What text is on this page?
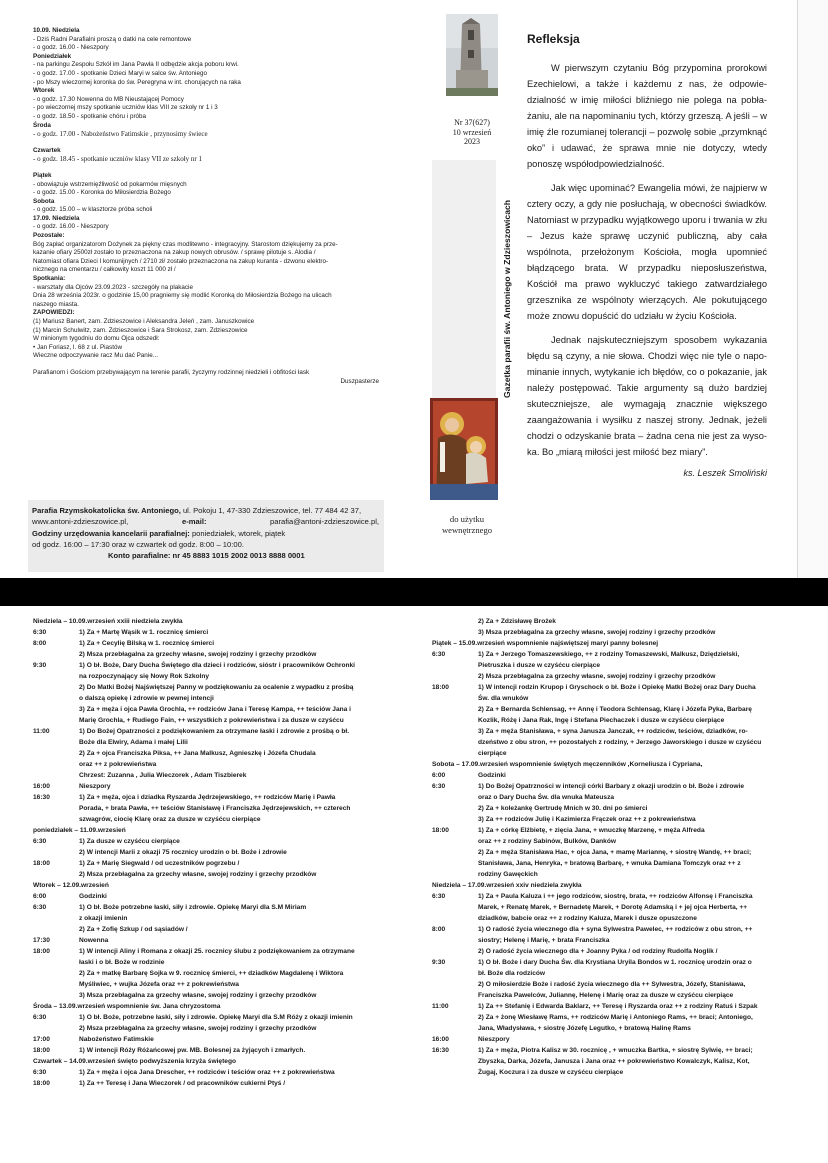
10.09. Niedziela
- Dziś Radni Parafialni proszą o datki na cele remontowe
- o godz. 16.00 - Nieszpory
Poniedziałek
- na parkingu Zespołu Szkół im Jana Pawła II odbędzie akcja poboru krwi.
- o godz. 17.00 - spotkanie Dzieci Maryi w salce św. Antoniego
- po Mszy wieczornej koronka do św. Peregryna w int. chorujących na raka
Wtorek
- o godz. 17.30 Nowenna do MB Nieustającej Pomocy
- po wieczornej mszy spotkanie uczniów klas VIII ze szkoły nr 1 i 3
- o godz. 18.50 - spotkanie chóru i próba
Środa
- o godz. 17.00 - Nabożeństwo Fatimskie , przynosimy świece
Czwartek
- o godz. 18.45 - spotkanie uczniów klasy VII ze szkoły nr 1
Piątek
- obowiązuje wstrzemięźliwość od pokarmów mięsnych
- o godz. 15.00 - Koronka do Miłosierdzia Bożego
Sobota
- o godz. 15.00 – w klasztorze próba scholi
17.09. Niedziela
- o godz. 16.00 - Nieszpory
Pozostałe:
Bóg zapłać organizatorom Dożynek za piękny czas modlitewno - integracyjny. Starostom dziękujemy za prze-
kazanie ofiary 2500zł zostało to przeznaczona na zakup nowych obrusów. / sprawę pilotuje s. Alodia /
Natomiast ofiara Dzieci I komunijnych / 2710 zł/ zostało przeznaczona na zakup kuranta - dzwonu elektro-
nicznego na cmentarzu / całkowity koszt 11 000 zł /
Spotkania:
- warsztaty dla Ojców 23.09.2023 - szczegóły na plakacie
Dnia 28 września 2023r. o godzinie 15,00 pragniemy się modlić Koronką do Miłosierdzia Bożego na ulicach
naszego miasta.
ZAPOWIEDZI:
(1) Mariusz Banert, zam. Zdzieszowice i Aleksandra Jeleń , zam. Januszkowice
(1) Marcin Schulwitz, zam. Zdzieszowice i Sara Strokosz, zam. Zdzieszowice
W minionym tygodniu do domu Ojca odszedł:
• Jan Foriasz, l. 68 z ul. Piastów
Wieczne odpoczywanie racz Mu dać Panie...
Parafianom i Gościom przebywającym na terenie parafii, życzymy rodzinnej niedzieli i obfitości łask
Duszpasterze
Parafia Rzymskokatolicka św. Antoniego, ul. Pokoju 1, 47-330 Zdzieszowice, tel. 77 484 42 37,
www.antoni-zdzieszowice.pl,	e-mail:	parafia@antoni-zdzieszowice.pl,
Godziny urzędowania kancelarii parafialnej: poniedziałek, wtorek, piątek
od godz. 16:00 – 17:30 oraz w czwartek od godz. 8:00 – 10:00.
Konto parafialne: nr 45 8883 1015 2002 0013 8888 0001
Nr 37(627)
10 wrzesień
2023
Gazetka parafii św. Antoniego w Zdzieszowicach
do użytku
wewnętrznego
Refleksja
W pierwszym czytaniu Bóg przypomina prorokowi Ezechielowi, a także i każdemu z nas, że odpowiedzialność w imię miłości bliźniego nie polega na pobłażaniu, ale na napominaniu tych, którzy grzeszą. A jeśli – w imię źle rozumianej tolerancji – pozwolę sobie „przymknąć oko” i udawać, że sprawa mnie nie dotyczy, wtedy ponoszę współodpowiedzialność.
Jak więc upominać? Ewangelia mówi, że najpierw w cztery oczy, a gdy nie posłuchają, w obecności świadków. Natomiast w przypadku wyjątkowego uporu i trwania w złu – Jezus każe sprawę uczynić publiczną, aby cała wspólnota, przełożonym Kościoła, mogła upomnieć błądzącego brata. W przypadku nieposłuszeństwa, Kościół ma prawo wykluczyć takiego zatwardziałego grzesznika ze wspólnoty wierzących. Ale pokutującego może znowu dopuścić do udziału w życiu Kościoła.
Jednak najskuteczniejszym sposobem wykazania błędu są czyny, a nie słowa. Chodzi więc nie tyle o napominanie innych, wytykanie ich błędów, co o pokazanie, jak należy postępować. Takie argumenty są dużo bardziej skuteczniejsze, ale wymagają znacznie większego zaangażowania i wysiłku z naszej strony. Jednak, jeżeli chodzi o odzyskanie brata – żadna cena nie jest za wysoka. Bo „miarą miłości jest miłość bez miary”.
ks. Leszek Smoliński
Niedziela – 10.09.wrzesień xxiii niedziela zwykła
6:30	1) Za + Martę Wąsik w 1. rocznicę śmierci
8:00	1) Za + Cecylię Bilską w 1. rocznicę śmierci
2) Msza przebłagalna za grzechy własne, swojej rodziny i grzechy przodków
9:30	1) O bł. Boże, Dary Ducha Świętego dla dzieci i rodziców, sióstr i pracowników Ochronki
na rozpoczynający się Nowy Rok Szkolny
2) Do Matki Bożej Najświętszej Panny w podziękowaniu za ocalenie z wypadku z prośbą
o dalszą opiekę i zdrowie w pewnej intencji
3) Za + męża i ojca Pawła Grochla, ++ rodziców Jana i Teresę Kampa, ++ teściów Jana i
Marię Grochla, + Rudiego Fain, ++ wszystkich z pokrewieństwa i za dusze w czyśćcu
11:00	1) Do Bożej Opatrzności z podziękowaniem za otrzymane łaski i zdrowie z prośbą o bł.
Boże dla Elwiry, Adama i małej Lilii
2) Za + ojca Franciszka Piksa, ++ Jana Malkusz, Agnieszkę i Józefa Chudala
oraz ++ z pokrewieństwa
Chrzest: Zuzanna , Julia Wieczorek , Adam Tiszbierek
16:00	Nieszpory
16:30	1) Za + męża, ojca i dziadka Ryszarda Jędrzejewskiego, ++ rodziców Marię i Pawła
Porada, + brata Pawła, ++ teściów Stanisławę i Franciszka Jędrzejewskich, ++ czterech
szwagrów, ciocię Klarę oraz za dusze w czyśćcu cierpiące
poniedziałek – 11.09.wrzesień
6:30	1) Za dusze w czyśćcu cierpiące
2) W intencji Marii z okazji 75 rocznicy urodzin o bł. Boże i zdrowie
18:00	1) Za + Marię Siegwald / od uczestników pogrzebu /
2) Msza przebłagalna za grzechy własne, swojej rodziny i grzechy przodków
Wtorek – 12.09.wrzesień
6:00	Godzinki
6:30	1) O bł. Boże potrzebne łaski, siły i zdrowie. Opiekę Maryi dla S.M Miriam
z okazji imienin
2) Za + Zofię Szkup / od sąsiadów /
17:30	Nowenna
18:00	1) W intencji Aliny i Romana z okazji 25. rocznicy ślubu z podziękowaniem za otrzymane
łaski i o bł. Boże w rodzinie
2) Za + matkę Barbarę Sojka w 9. rocznicę śmierci, ++ dziadków Magdalenę i Wiktora
Myśliwiec, + wujka Józefa oraz ++ z pokrewieństwa
3) Msza przebłagalna za grzechy własne, swojej rodziny i grzechy przodków
Środa – 13.09.wrzesień wspomnienie św. Jana chryzostoma
6:30	1) O bł. Boże, potrzebne łaski, siły i zdrowie. Opiekę Maryi dla S.M Róży z okazji imienin
2) Msza przebłagalna za grzechy własne, swojej rodziny i grzechy przodków
17:00	Nabożeństwo Fatimskie
18:00	1) W intencji Róży Różańcowej pw. MB. Bolesnej za żyjących i zmarłych.
Czwartek – 14.09.wrzesień święto podwyższenia krzyża świętego
6:30	1) Za + męża i ojca Jana Drescher, ++ rodziców i teściów oraz ++ z pokrewieństwa
18:00	1) Za ++ Teresę i Jana Wieczorek / od pracowników cukierni Ptyś /
2) Za + Zdzisławę Brożek
3) Msza przebłagalna za grzechy własne, swojej rodziny i grzechy przodków
Piątek – 15.09.wrzesień wspomnienie najświętszej maryi panny bolesnej
6:30	1) Za + Jerzego Tomaszewskiego, ++ z rodziny Tomaszewski, Malkusz, Dziędzielski,
Pietruszka i dusze w czyśćcu cierpiące
2) Msza przebłagalna za grzechy własne, swojej rodziny i grzechy przodków
18:00	1) W intencji rodzin Krupop i Gryschock o bł. Boże i Opiekę Matki Bożej oraz Dary Ducha
Św. dla wnuków
2) Za + Bernarda Schlensag, ++ Annę i Teodora Schlensag, Klarę i Józefa Pyka, Barbarę
Kozlik, Różę i Jana Rak, Ingę i Stefana Piechaczek i dusze w czyśćcu cierpiące
3) Za + męża Stanisława, + syna Janusza Janczak, ++ rodziców, teściów, dziadków, ro-
dzeństwo z obu stron, ++ pozostałych z rodziny, + Jerzego Jaworskiego i dusze w czyśćcu
cierpiące
Sobota – 17.09.wrzesień wspomnienie świętych męczenników ,Korneliusza i Cypriana,
6:00	Godzinki
6:30	1) Do Bożej Opatrzności w intencji córki Barbary z okazji urodzin o bł. Boże i zdrowie
oraz o Dary Ducha Św. dla wnuka Mateusza
2) Za + koleżankę Gertrudę Mnich w 30. dni po śmierci
3) Za ++ rodziców Julię i Kazimierza Frączek oraz ++ z pokrewieństwa
18:00	1) Za + córkę Elżbietę, + zięcia Jana, + wnuczkę Marzenę, + męża Alfreda
oraz ++ z rodziny Sabinów, Bulków, Danków
2) Za + męża Stanisława Hac, + ojca Jana, + mamę Mariannę, + siostrę Wandę, ++ braci;
Stanisława, Jana, Henryka, + bratową Barbarę, + wnuka Damiana Tomczyk oraz ++ z
rodziny Gawęckich
Niedziela – 17.09.wrzesień xxiv niedziela zwykła
6:30	1) Za + Paula Kaluza i ++ jego rodziców, siostrę, brata, ++ rodziców Alfonsę i Franciszka
Marek, + Renatę Marek, + Bernadetę Marek, + Dorotę Adamską i + jej ojca Herberta, ++
dziadków, babcie oraz ++ z rodziny Kaluza, Marek i dusze opuszczone
8:00	1) O radość życia wiecznego dla + syna Sylwestra Pawelec, ++ rodziców z obu stron, ++
siostry; Helenę i Marię, + brata Franciszka
2) O radość życia wiecznego dla + Joanny Pyka / od rodziny Rudolfa Noglik /
9:30	1) O bł. Boże i dary Ducha Św. dla Krystiana Uryila Bondos w 1. rocznicę urodzin oraz o
bł. Boże dla rodziców
2) O miłosierdzie Boże i radość życia wiecznego dla ++ Sylwestra, Józefy, Stanisława,
Franciszka Pawelców, Juliannę, Helenę i Marię oraz za dusze w czyśćcu cierpiące
11:00	1) Za ++ Stefanię i Edwarda Baklarz, ++ Teresę i Ryszarda oraz ++ z rodziny Ratuś i Szpak
2) Za + żonę Wiesławę Rams, ++ rodziców Marię i Antoniego Rams, ++ braci; Antoniego,
Jana, Władysława, + siostrę Józefę Legutko, + bratową Halinę Rams
16:00	Nieszpory
16:30	1) Za + męża, Piotra Kalisz w 30. rocznicę , + wnuczka Bartka, + siostrę Sylwię, ++ braci;
Zbyszka, Darka, Józefa, Janusza i Jana oraz ++ pokrewieństwo Kowalczyk, Kalisz, Kot,
Żugaj, Koczura i za dusze w czyśćcu cierpiące
